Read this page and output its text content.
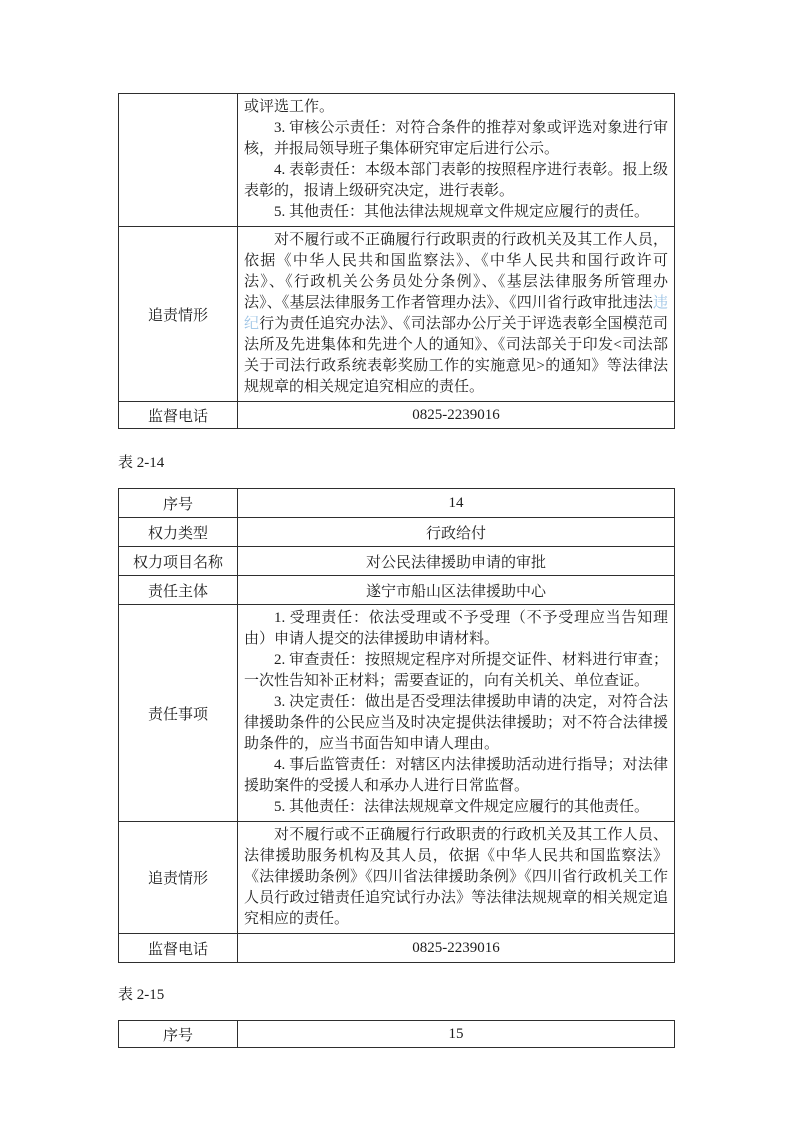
	或评选工作。

3. 审核公示责任：对符合条件的推荐对象或评选对象进行审核，并报局领导班子集体研究审定后进行公示。

4. 表彰责任：本级本部门表彰的按照程序进行表彰。报上级表彰的，报请上级研究决定，进行表彰。

5. 其他责任：其他法律法规规章文件规定应履行的责任。

追责情形	对不履行或不正确履行行政职责的行政机关及其工作人员，依据《中华人民共和国监察法》、《中华人民共和国行政许可法》、《行政机关公务员处分条例》、《基层法律服务所管理办法》、《基层法律服务工作者管理办法》、《四川省行政审批违法违纪行为责任追究办法》、《司法部办公厅关于评选表彰全国模范司法所及先进集体和先进个人的通知》、《司法部关于印发<司法部关于司法行政系统表彰奖励工作的实施意见>的通知》等法律法规规章的相关规定追究相应的责任。

监督电话	0825-2239016

表 2-14

序号	14
权力类型	行政给付
权力项目名称	对公民法律援助申请的审批
责任主体	遂宁市船山区法律援助中心
责任事项	1. 受理责任：依法受理或不予受理（不予受理应当告知理由）申请人提交的法律援助申请材料。

2. 审查责任：按照规定程序对所提交证件、材料进行审查；一次性告知补正材料；需要查证的，向有关机关、单位查证。

3. 决定责任：做出是否受理法律援助申请的决定，对符合法律援助条件的公民应当及时决定提供法律援助；对不符合法律援助条件的，应当书面告知申请人理由。

4. 事后监管责任：对辖区内法律援助活动进行指导；对法律援助案件的受援人和承办人进行日常监督。

5. 其他责任：法律法规规章文件规定应履行的其他责任。

追责情形	对不履行或不正确履行行政职责的行政机关及其工作人员、法律援助服务机构及其人员，依据《中华人民共和国监察法》《法律援助条例》《四川省法律援助条例》《四川省行政机关工作人员行政过错责任追究试行办法》等法律法规规章的相关规定追究相应的责任。

监督电话	0825-2239016

表 2-15

序号	15
